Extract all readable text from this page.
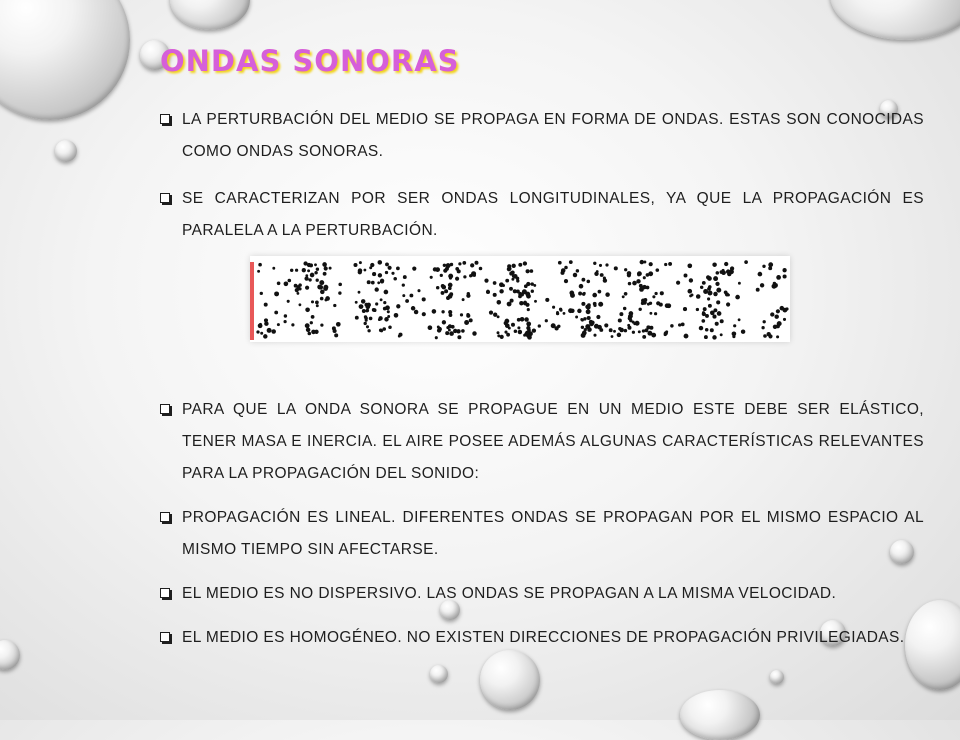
ONDAS SONORAS
LA PERTURBACIÓN DEL MEDIO SE PROPAGA EN FORMA DE ONDAS. ESTAS SON CONOCIDAS COMO ONDAS SONORAS.
SE CARACTERIZAN POR SER ONDAS LONGITUDINALES, YA QUE LA PROPAGACIÓN ES PARALELA A LA PERTURBACIÓN.
PARA QUE LA ONDA SONORA SE PROPAGUE EN UN MEDIO ESTE DEBE SER ELÁSTICO, TENER MASA E INERCIA. EL AIRE POSEE ADEMÁS ALGUNAS CARACTERÍSTICAS RELEVANTES PARA LA PROPAGACIÓN DEL SONIDO:
PROPAGACIÓN ES LINEAL. DIFERENTES ONDAS SE PROPAGAN POR EL MISMO ESPACIO AL MISMO TIEMPO SIN AFECTARSE.
EL MEDIO ES NO DISPERSIVO. LAS ONDAS SE PROPAGAN A LA MISMA VELOCIDAD.
EL MEDIO ES HOMOGÉNEO. NO EXISTEN DIRECCIONES DE PROPAGACIÓN PRIVILEGIADAS.
